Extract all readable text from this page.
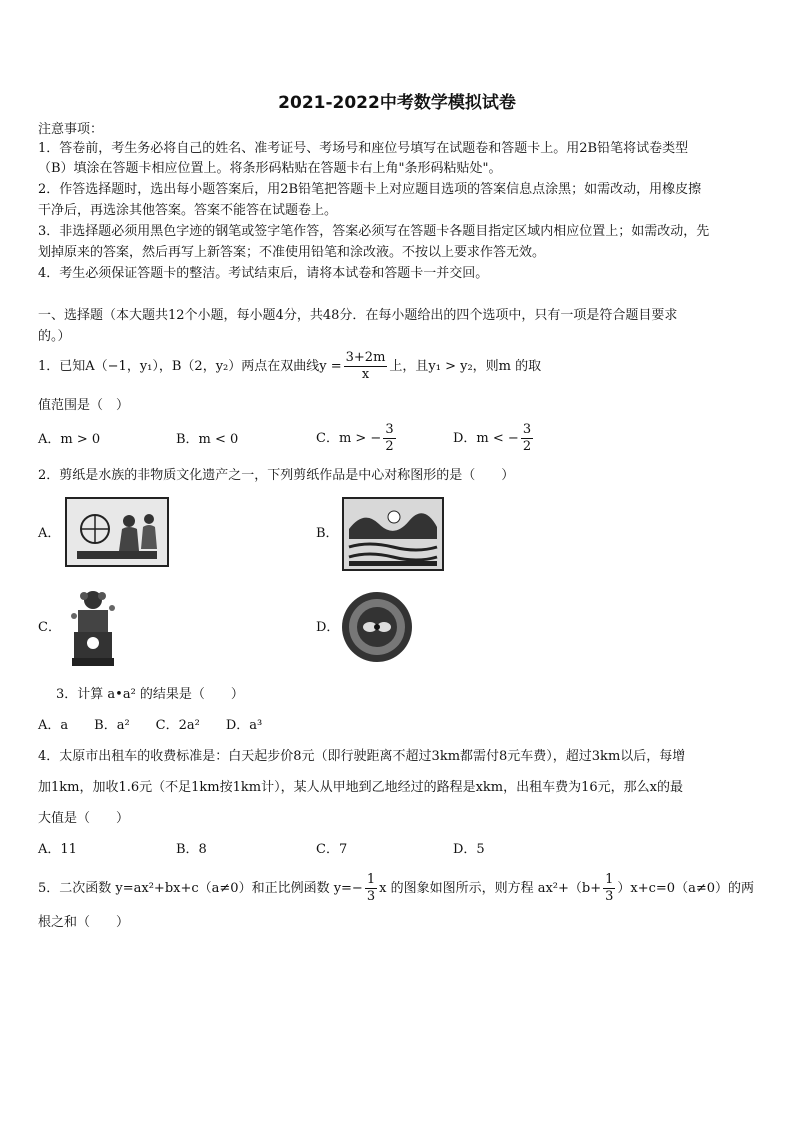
2021-2022中考数学模拟试卷
注意事项：
1．答卷前，考生务必将自己的姓名、准考证号、考场号和座位号填写在试题卷和答题卡上。用2B铅笔将试卷类型
（B）填涂在答题卡相应位置上。将条形码粘贴在答题卡右上角"条形码粘贴处"。
2．作答选择题时，选出每小题答案后，用2B铅笔把答题卡上对应题目选项的答案信息点涂黑；如需改动，用橡皮擦
干净后，再选涂其他答案。答案不能答在试题卷上。
3．非选择题必须用黑色字迹的钢笔或签字笔作答，答案必须写在答题卡各题目指定区域内相应位置上；如需改动，先
划掉原来的答案，然后再写上新答案；不准使用铅笔和涂改液。不按以上要求作答无效。
4．考生必须保证答题卡的整洁。考试结束后，请将本试卷和答题卡一并交回。
一、选择题（本大题共12个小题，每小题4分，共48分．在每小题给出的四个选项中，只有一项是符合题目要求
的。）
1．已知A（−1，y₁），B（2，y₂）两点在双曲线$y = \frac{3+2m}{x}$ 上，且y₁ > y₂，则m 的取
值范围是（　）
A．m > 0	B．m < 0	C．m > − $\frac{3}{2}$	D．m < − $\frac{3}{2}$
2．剪纸是水族的非物质文化遗产之一，下列剪纸作品是中心对称图形的是（　　）
A．	B．
C．	D．
3．计算 a•a² 的结果是（　　）
A．a　　B．a²　　C．2a²　　D．a³
4．太原市出租车的收费标准是：白天起步价8元（即行驶距离不超过3km都需付8元车费），超过3km以后，每增
加1km，加收1.6元（不足1km按1km计），某人从甲地到乙地经过的路程是xkm，出租车费为16元，那么x的最
大值是（　　）
A．11	B．8	C．7	D．5
5．二次函数 y=ax²+bx+c（a≠0）和正比例函数 $y=- \frac{1}{3}$ x 的图象如图所示，则方程 $ax^2+(b+ \frac{1}{3} )x+c=0(a\ne 0)$的两
根之和（　　）
